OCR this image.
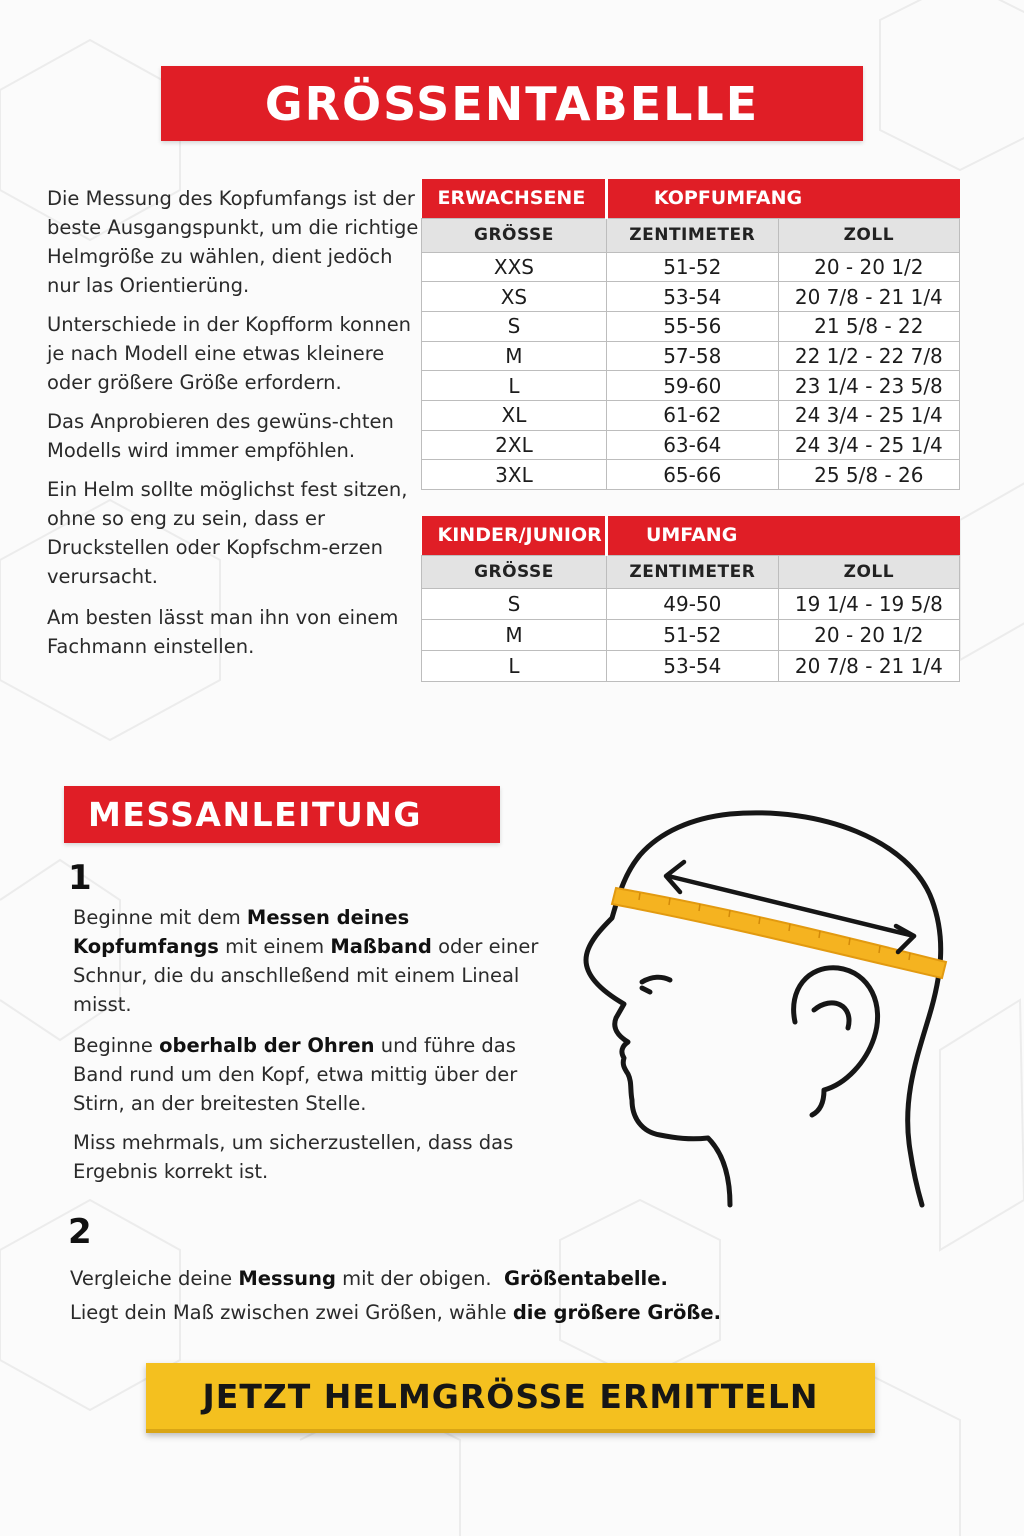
GRÖSSENTABELLE

Die Messung des Kopfumfangs ist der beste Ausgangspunkt, um die richtige Helmgröße zu wählen, dient jedöch nur las Orientierüng.

Unterschiede in der Kopfform konnen je nach Modell eine etwas kleinere oder größere Größe erfordern.

Das Anprobieren des gewüns-chten Modells wird immer empföhlen.

Ein Helm sollte möglichst fest sitzen, ohne so eng zu sein, dass er Druckstellen oder Kopfschm-erzen verursacht.

Am besten lässt man ihn von einem Fachmann einstellen.

ERWACHSENE	KOPFUMFANG	
GRÖSSE	ZENTIMETER	ZOLL
XXS	51-52	20 - 20 1/2
XS	53-54	20 7/8 - 21 1/4
S	55-56	21 5/8 - 22
M	57-58	22 1/2 - 22 7/8
L	59-60	23 1/4 - 23 5/8
XL	61-62	24 3/4 - 25 1/4
2XL	63-64	24 3/4 - 25 1/4
3XL	65-66	25 5/8 - 26
KINDER/JUNIOR	UMFANG	
GRÖSSE	ZENTIMETER	ZOLL
S	49-50	19 1/4 - 19 5/8
M	51-52	20 - 20 1/2
L	53-54	20 7/8 - 21 1/4
MESSANLEITUNG
1

Beginne mit dem Messen deines Kopfumfangs mit einem Maßband oder einer Schnur, die du anschlleßend mit einem Lineal misst.

Beginne oberhalb der Ohren und führe das Band rund um den Kopf, etwa mittig über der Stirn, an der breitesten Stelle.

Miss mehrmals, um sicherzustellen, dass das Ergebnis korrekt ist.

2

Vergleiche deine Messung mit der obigen.  Größentabelle.

Liegt dein Maß zwischen zwei Größen, wähle die größere Größe.

JETZT HELMGRÖSSE ERMITTELN
